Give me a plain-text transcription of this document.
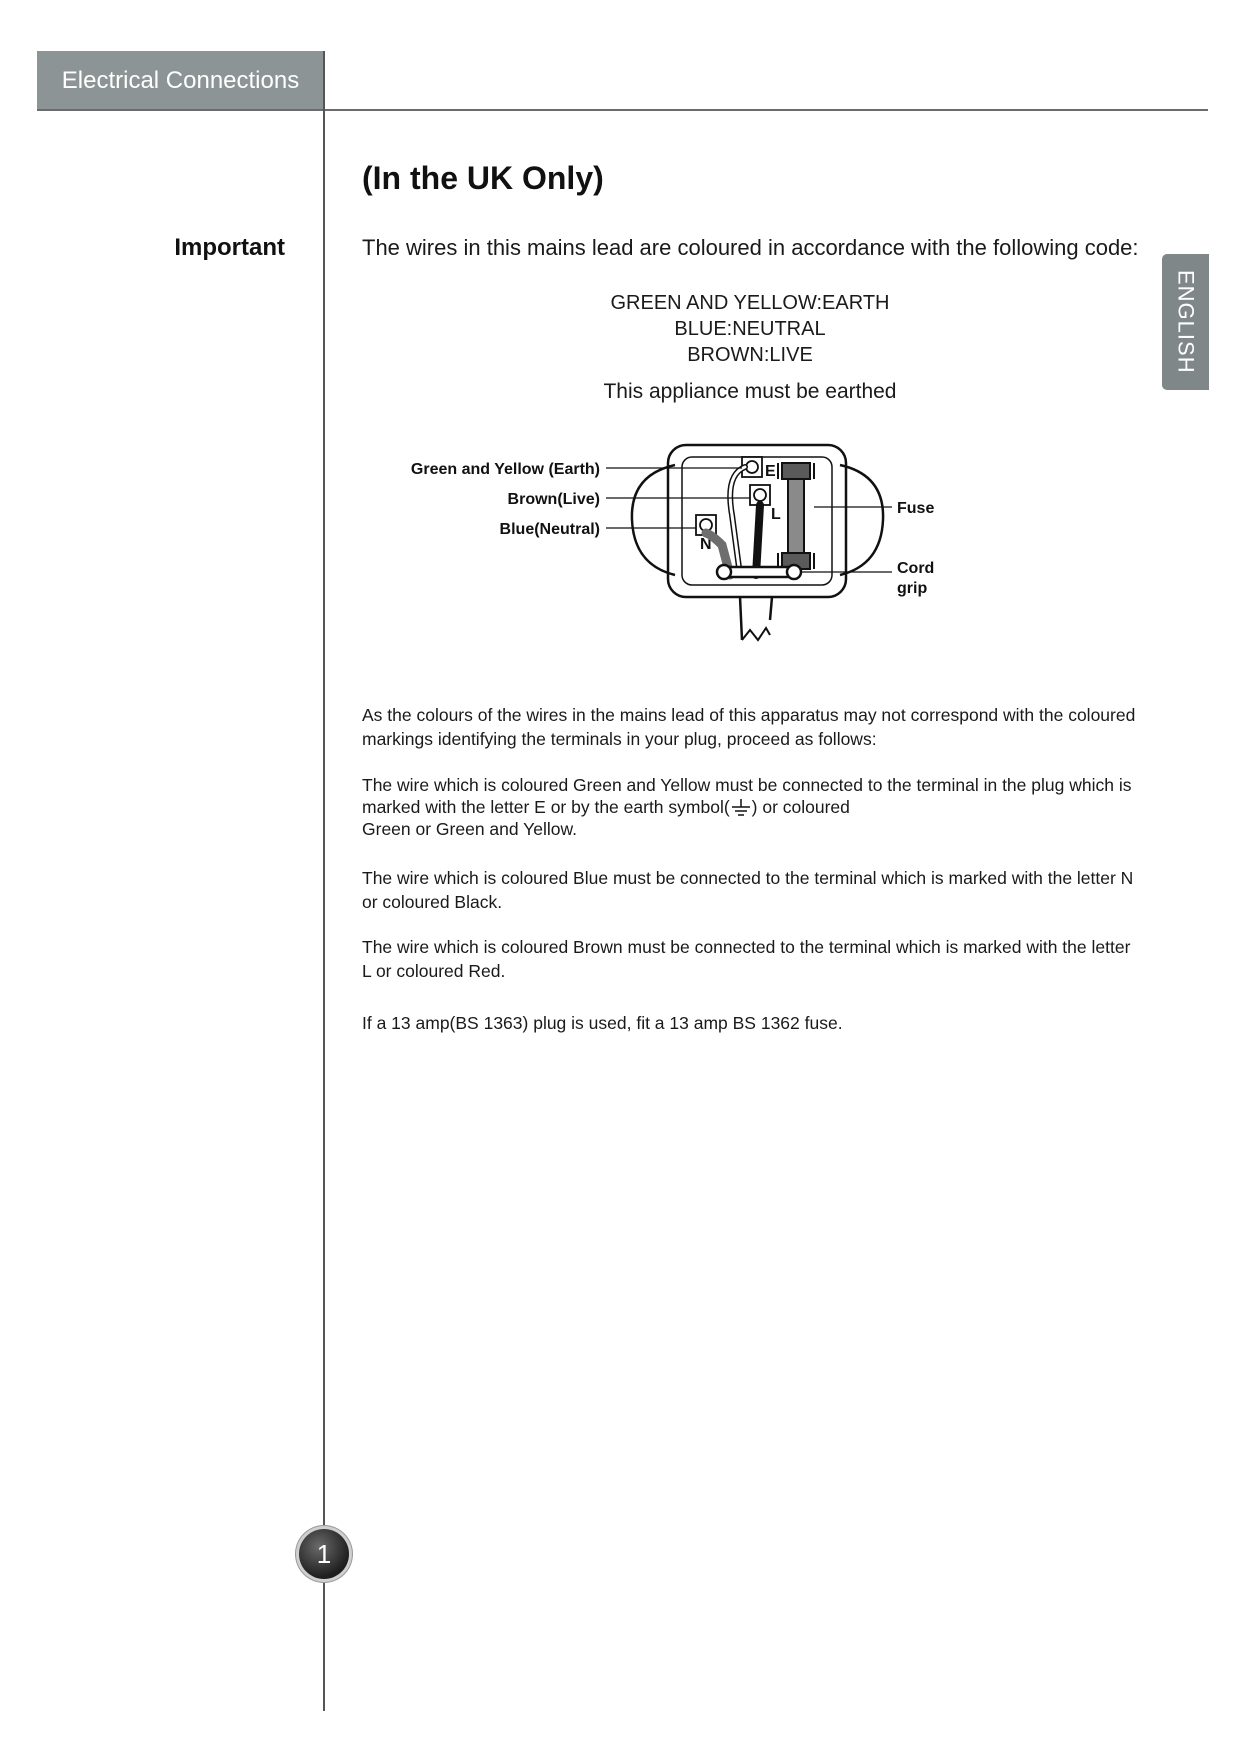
Electrical Connections
ENGLISH
(In the UK Only)
Important	The wires in this mains lead are coloured in accordance with the following code:
GREEN AND YELLOW:EARTH
BLUE:NEUTRAL
BROWN:LIVE
This appliance must be earthed
E
L
N
Green and Yellow (Earth)
Brown(Live)
Blue(Neutral)
Fuse
Cord
grip
As the colours of the wires in the mains lead of this apparatus may not correspond with the coloured markings identifying the terminals in your plug, proceed as follows:
The wire which is coloured Green and Yellow must be connected to the terminal in the plug which is marked with the letter E or by the earth symbol( ) or coloured
Green or Green and Yellow.
The wire which is coloured Blue must be connected to the terminal which is marked with the letter N or coloured Black.
The wire which is coloured Brown must be connected to the terminal which is marked with the letter L or coloured Red.
If a 13 amp(BS 1363) plug is used, fit a 13 amp BS 1362 fuse.
1
